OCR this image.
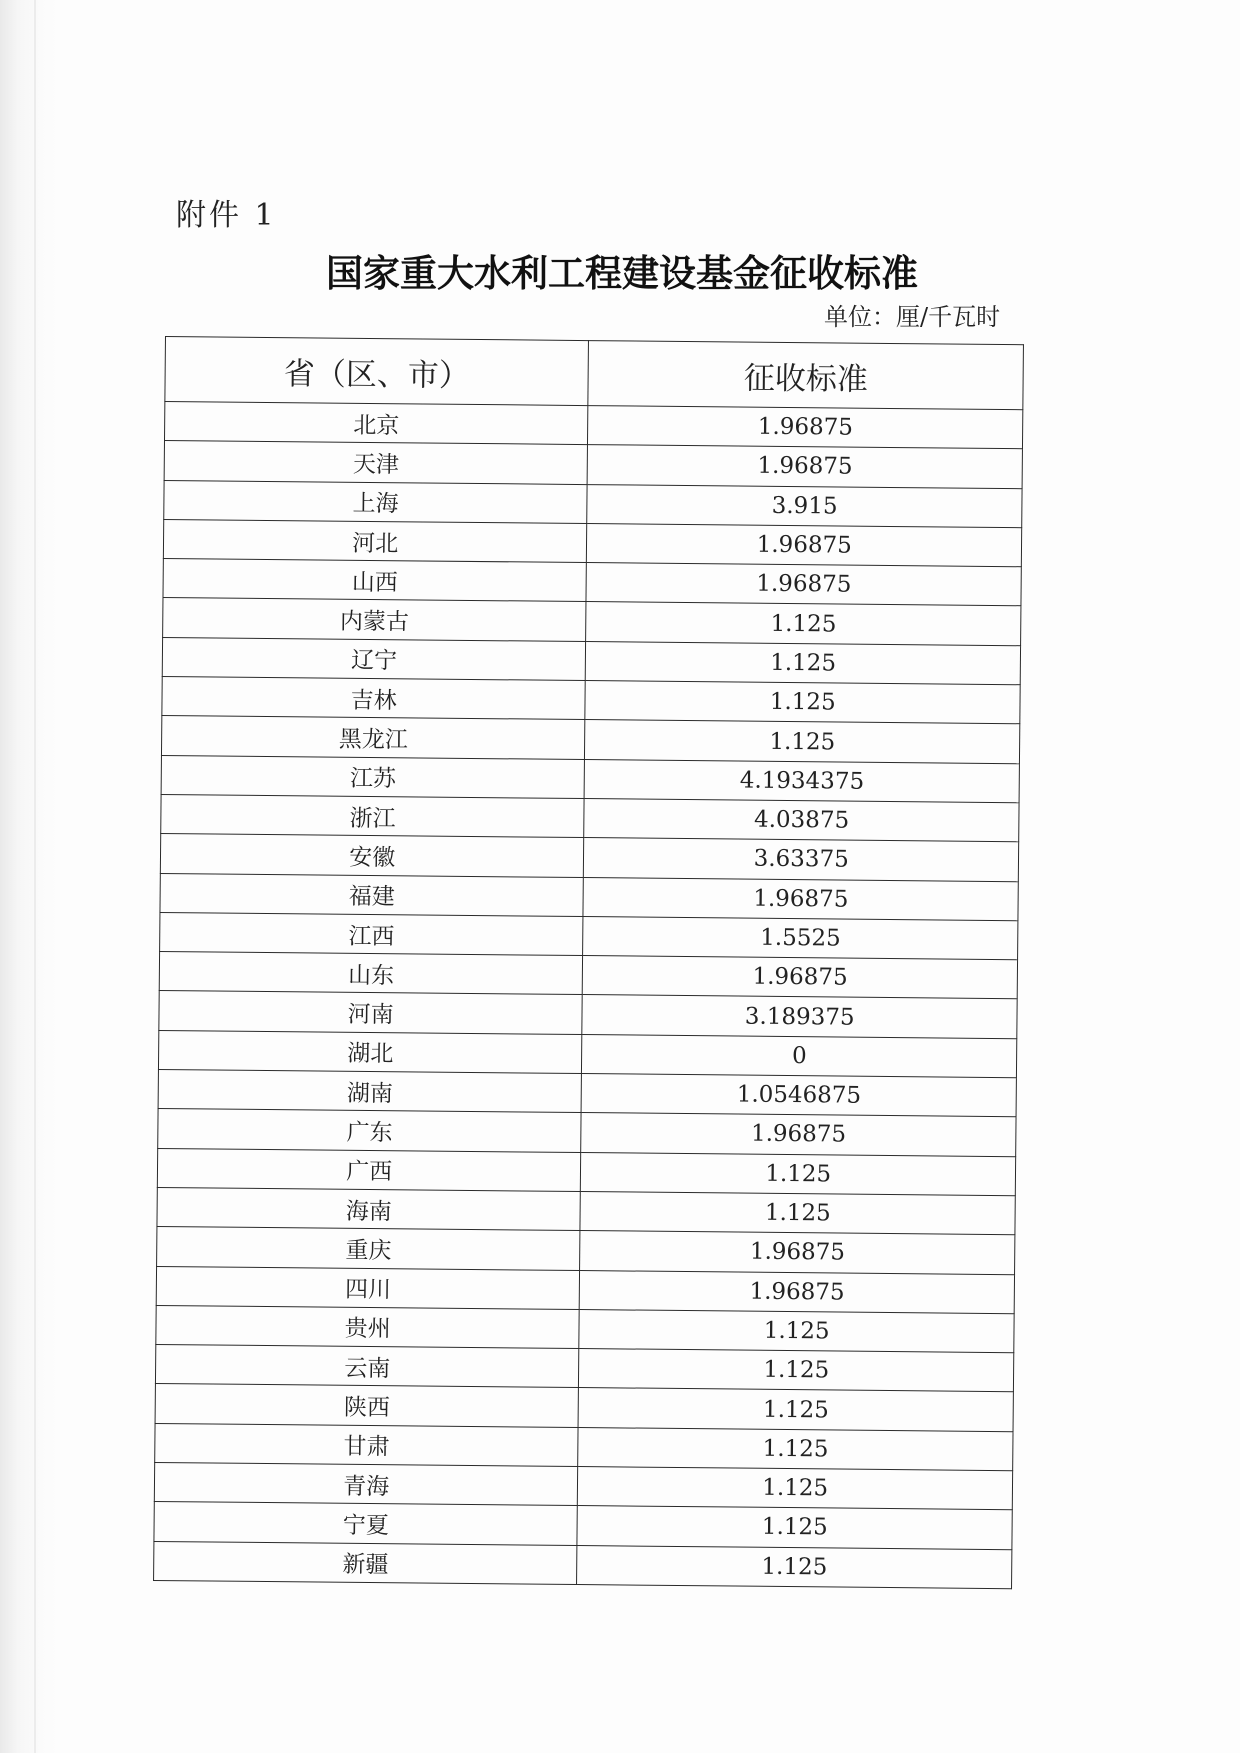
附件 1
国家重大水利工程建设基金征收标准
单位：厘/千瓦时
省（区、市）	征收标准
北京	1.96875
天津	1.96875
上海	3.915
河北	1.96875
山西	1.96875
内蒙古	1.125
辽宁	1.125
吉林	1.125
黑龙江	1.125
江苏	4.1934375
浙江	4.03875
安徽	3.63375
福建	1.96875
江西	1.5525
山东	1.96875
河南	3.189375
湖北	0
湖南	1.0546875
广东	1.96875
广西	1.125
海南	1.125
重庆	1.96875
四川	1.96875
贵州	1.125
云南	1.125
陕西	1.125
甘肃	1.125
青海	1.125
宁夏	1.125
新疆	1.125
